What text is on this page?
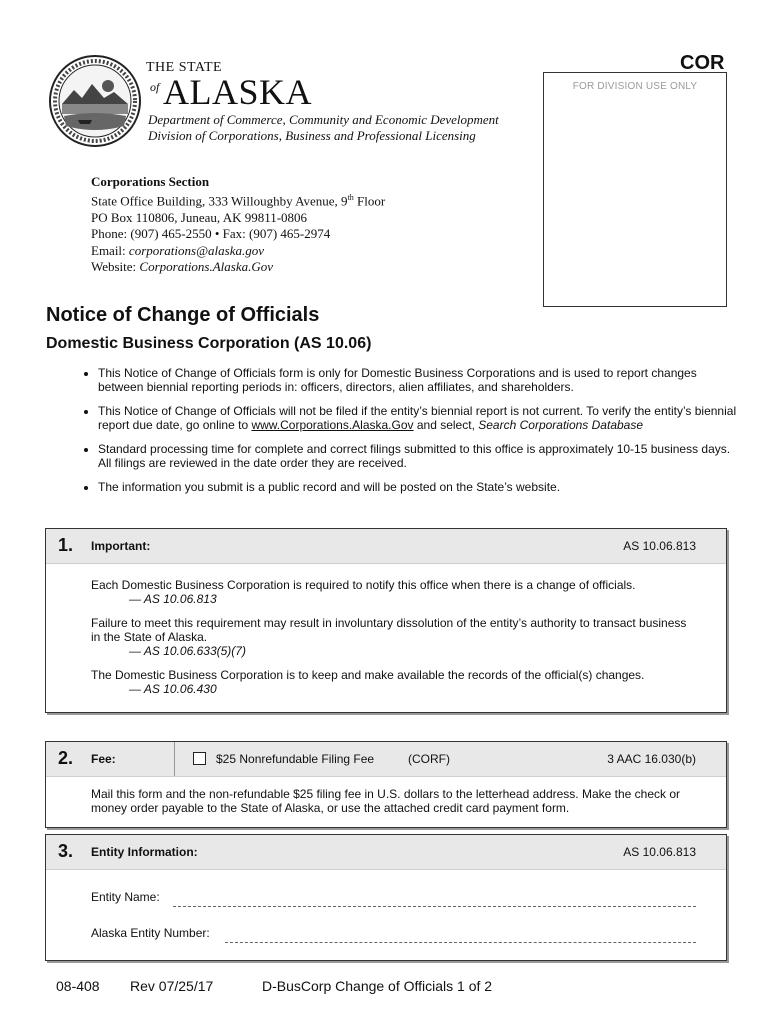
THE STATE
of ALASKA
Department of Commerce, Community and Economic Development
Division of Corporations, Business and Professional Licensing
COR
FOR DIVISION USE ONLY
Corporations Section
State Office Building, 333 Willoughby Avenue, 9th Floor
PO Box 110806, Juneau, AK 99811-0806
Phone: (907) 465-2550 • Fax: (907) 465-2974
Email: corporations@alaska.gov
Website: Corporations.Alaska.Gov
Notice of Change of Officials
Domestic Business Corporation (AS 10.06)
• This Notice of Change of Officials form is only for Domestic Business Corporations and is used to report changes between biennial reporting periods in: officers, directors, alien affiliates, and shareholders.
• This Notice of Change of Officials will not be filed if the entity’s biennial report is not current. To verify the entity’s biennial report due date, go online to www.Corporations.Alaska.Gov and select, Search Corporations Database
• Standard processing time for complete and correct filings submitted to this office is approximately 10-15 business days. All filings are reviewed in the date order they are received.
• The information you submit is a public record and will be posted on the State’s website.
1. Important:	AS 10.06.813

Each Domestic Business Corporation is required to notify this office when there is a change of officials.
— AS 10.06.813

Failure to meet this requirement may result in involuntary dissolution of the entity’s authority to transact business in the State of Alaska.
— AS 10.06.633(5)(7)

The Domestic Business Corporation is to keep and make available the records of the official(s) changes.
— AS 10.06.430

2. Fee:	$25 Nonrefundable Filing Fee	(CORF)	3 AAC 16.030(b)

Mail this form and the non-refundable $25 filing fee in U.S. dollars to the letterhead address. Make the check or money order payable to the State of Alaska, or use the attached credit card payment form.

3. Entity Information:	AS 10.06.813
Entity Name:
Alaska Entity Number:
08-408 Rev 07/25/17	D-BusCorp Change of Officials 1 of 2
